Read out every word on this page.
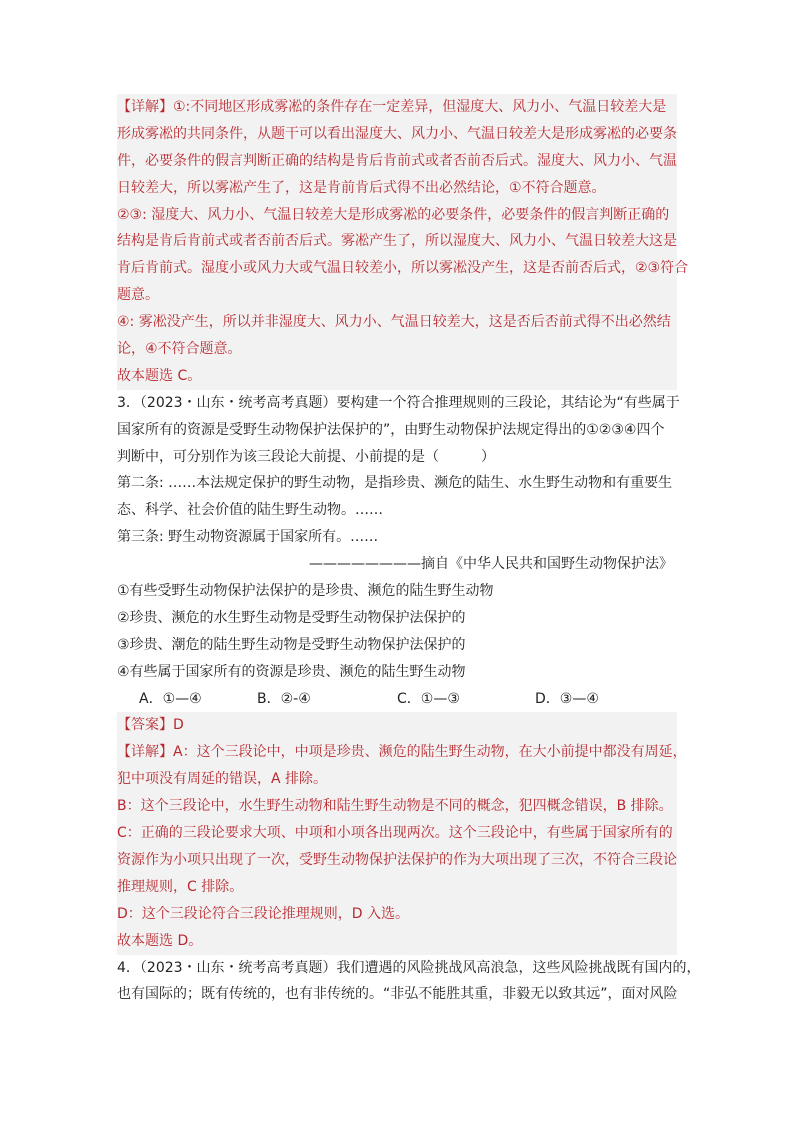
【详解】①:不同地区形成雾凇的条件存在一定差异，但湿度大、风力小、气温日较差大是
形成雾凇的共同条件，从题干可以看出湿度大、风力小、气温日较差大是形成雾凇的必要条
件，必要条件的假言判断正确的结构是肯后肯前式或者否前否后式。湿度大、风力小、气温
日较差大，所以雾凇产生了，这是肯前肯后式得不出必然结论，①不符合题意。
②③: 湿度大、风力小、气温日较差大是形成雾凇的必要条件，必要条件的假言判断正确的
结构是肯后肯前式或者否前否后式。雾凇产生了，所以湿度大、风力小、气温日较差大这是
肯后肯前式。湿度小或风力大或气温日较差小，所以雾凇没产生，这是否前否后式，②③符合
题意。
④: 雾凇没产生，所以并非湿度大、风力小、气温日较差大，这是否后否前式得不出必然结
论，④不符合题意。
故本题选 C。
3．（2023・山东・统考高考真题）要构建一个符合推理规则的三段论，其结论为“有些属于
国家所有的资源是受野生动物保护法保护的”，由野生动物保护法规定得出的①②③④四个
判断中，可分别作为该三段论大前提、小前提的是（　　　）
第二条: ……本法规定保护的野生动物，是指珍贵、濒危的陆生、水生野生动物和有重要生
态、科学、社会价值的陆生野生动物。……
第三条: 野生动物资源属于国家所有。……
————————摘自《中华人民共和国野生动物保护法》
①有些受野生动物保护法保护的是珍贵、濒危的陆生野生动物
②珍贵、濒危的水生野生动物是受野生动物保护法保护的
③珍贵、潮危的陆生野生动物是受野生动物保护法保护的
④有些属于国家所有的资源是珍贵、濒危的陆生野生动物
A．①—④	B．②-④	C．①—③	D．③—④
【答案】D
【详解】A：这个三段论中，中项是珍贵、濒危的陆生野生动物，在大小前提中都没有周延，
犯中项没有周延的错误，A 排除。
B：这个三段论中，水生野生动物和陆生野生动物是不同的概念，犯四概念错误，B 排除。
C：正确的三段论要求大项、中项和小项各出现两次。这个三段论中，有些属于国家所有的
资源作为小项只出现了一次，受野生动物保护法保护的作为大项出现了三次，不符合三段论
推理规则，C 排除。
D：这个三段论符合三段论推理规则，D 入选。
故本题选 D。
4．（2023・山东・统考高考真题）我们遭遇的风险挑战风高浪急，这些风险挑战既有国内的，
也有国际的；既有传统的，也有非传统的。“非弘不能胜其重，非毅无以致其远”，面对风险
